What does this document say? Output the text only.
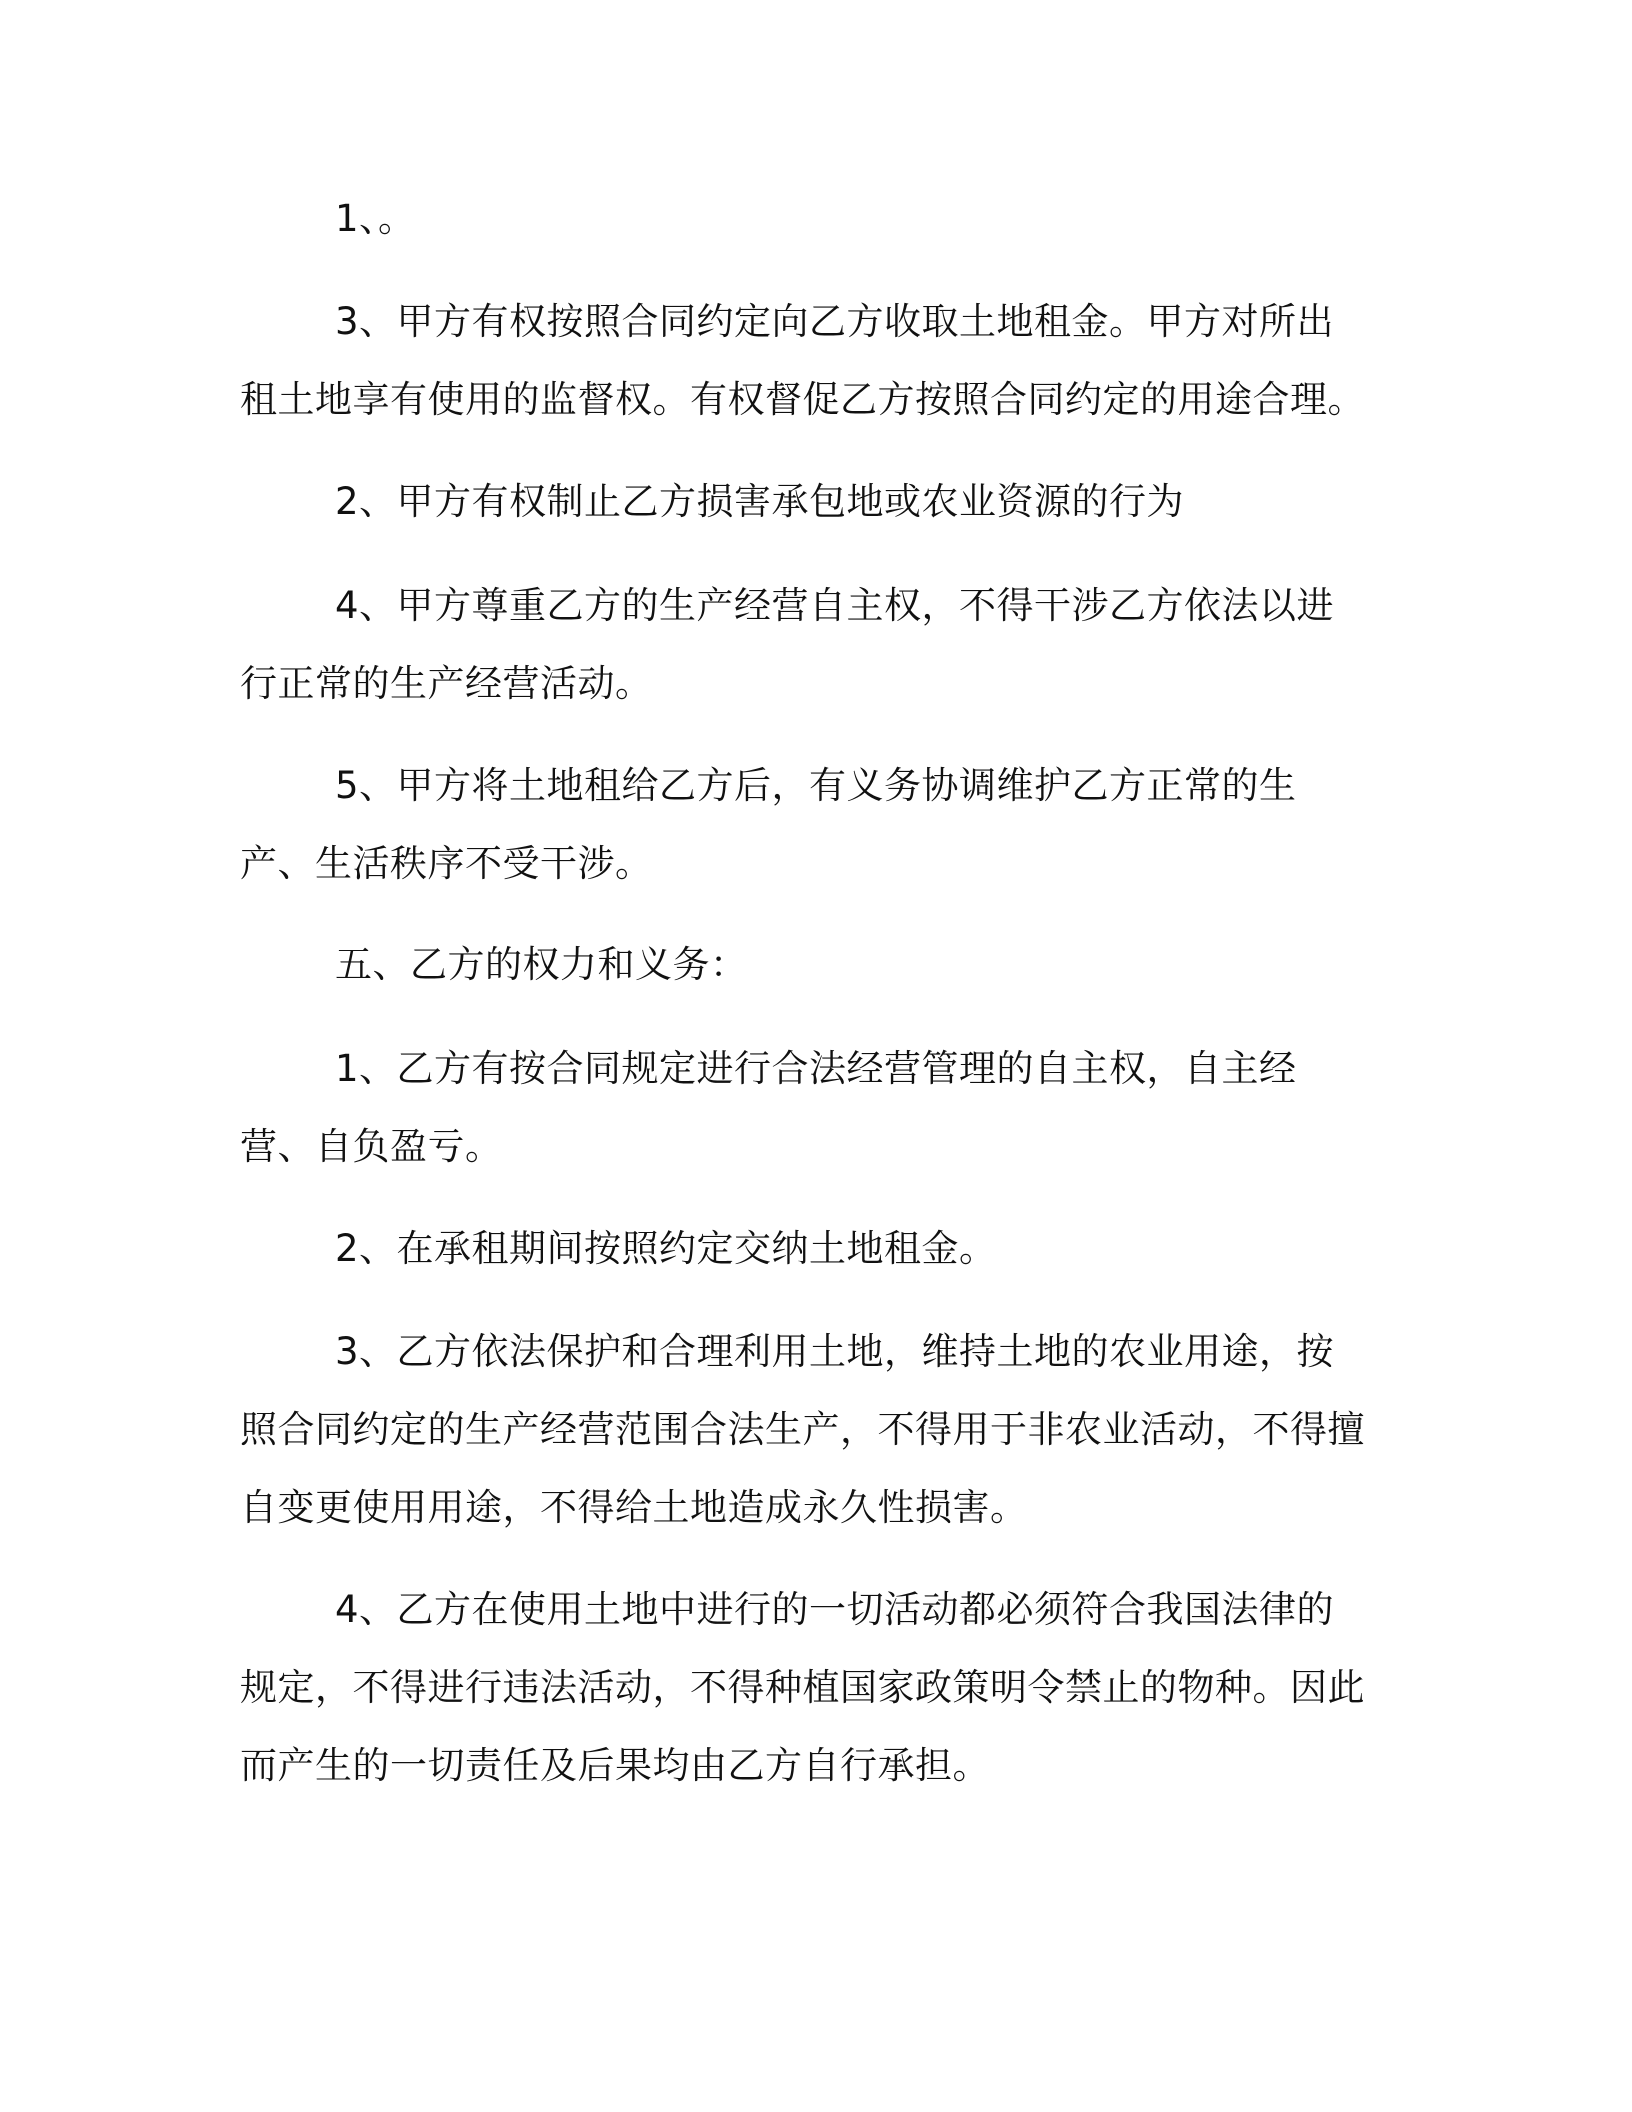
1、。

3、甲方有权按照合同约定向乙方收取土地租金。甲方对所出租土地享有使用的监督权。有权督促乙方按照合同约定的用途合理。

2、甲方有权制止乙方损害承包地或农业资源的行为

4、甲方尊重乙方的生产经营自主权，不得干涉乙方依法以进行正常的生产经营活动。

5、甲方将土地租给乙方后，有义务协调维护乙方正常的生产、生活秩序不受干涉。

五、乙方的权力和义务：

1、乙方有按合同规定进行合法经营管理的自主权，自主经营、自负盈亏。

2、在承租期间按照约定交纳土地租金。

3、乙方依法保护和合理利用土地，维持土地的农业用途，按照合同约定的生产经营范围合法生产，不得用于非农业活动，不得擅自变更使用用途，不得给土地造成永久性损害。

4、乙方在使用土地中进行的一切活动都必须符合我国法律的规定，不得进行违法活动，不得种植国家政策明令禁止的物种。因此而产生的一切责任及后果均由乙方自行承担。
